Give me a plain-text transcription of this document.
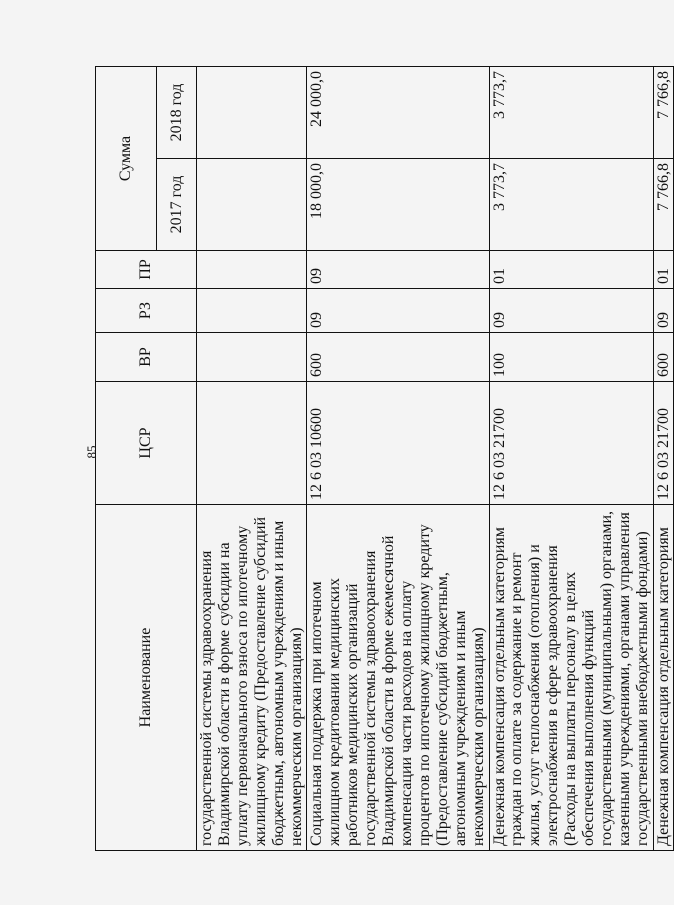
85
Наименование	ЦСР	ВР	РЗ	ПР	Сумма	
					2017 год	2018 год
государственной системы здравоохранения Владимирской области в форме субсидии на уплату первоначального взноса по ипотечному жилищному кредиту (Предоставление субсидий бюджетным, автономным учреждениям и иным некоммерческим организациям)						
Социальная поддержка при ипотечном жилищном кредитовании медицинских работников медицинских организаций государственной системы здравоохранения Владимирской области в форме ежемесячной компенсации части расходов на оплату процентов по ипотечному жилищному кредиту (Предоставление субсидий бюджетным, автономным учреждениям и иным некоммерческим организациям)	12 6 03 10600	600	09	09	18 000,0	24 000,0
Денежная компенсация отдельным категориям граждан по оплате за содержание и ремонт жилья, услуг теплоснабжения (отопления) и электроснабжения в сфере здравоохранения (Расходы на выплаты персоналу в целях обеспечения выполнения функций государственными (муниципальными) органами, казенными учреждениями, органами управления государственными внебюджетными фондами)	12 6 03 21700	100	09	01	3 773,7	3 773,7
Денежная компенсация отдельным категориям	12 6 03 21700	600	09	01	7 766,8	7 766,8
